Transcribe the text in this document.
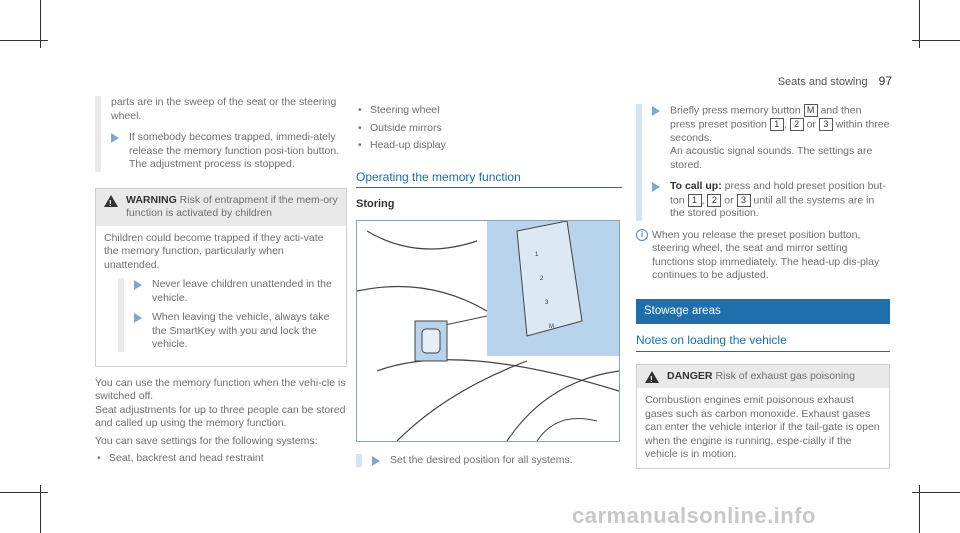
Seats and stowing 97

parts are in the sweep of the seat or the steering wheel.

If somebody becomes trapped, immedi-ately release the memory function posi-tion button.

The adjustment process is stopped.

!
WARNING Risk of entrapment if the mem-ory function is activated by children

Children could become trapped if they acti-vate the memory function, particularly when unattended.

Never leave children unattended in the vehicle.

When leaving the vehicle, always take the SmartKey with you and lock the vehicle.

You can use the memory function when the vehi-cle is switched off.

Seat adjustments for up to three people can be stored and called up using the memory function.

You can save settings for the following systems:

• Seat, backrest and head restraint
• Steering wheel
• Outside mirrors
• Head-up display
Operating the memory function
Storing
1
2
3
M

Set the desired position for all systems.

Briefly press memory button M and then press preset position 1 , 2 or 3 within three seconds.

An acoustic signal sounds. The settings are stored.

To call up: press and hold preset position but-ton 1 , 2 or 3 until all the systems are in the stored position.

i When you release the preset position button, steering wheel, the seat and mirror setting functions stop immediately. The head-up dis-play continues to be adjusted.

Stowage areas
Notes on loading the vehicle
!
DANGER Risk of exhaust gas poisoning

Combustion engines emit poisonous exhaust gases such as carbon monoxide. Exhaust gases can enter the vehicle interior if the tail-gate is open when the engine is running, espe-cially if the vehicle is in motion.

carmanualsonline.info
